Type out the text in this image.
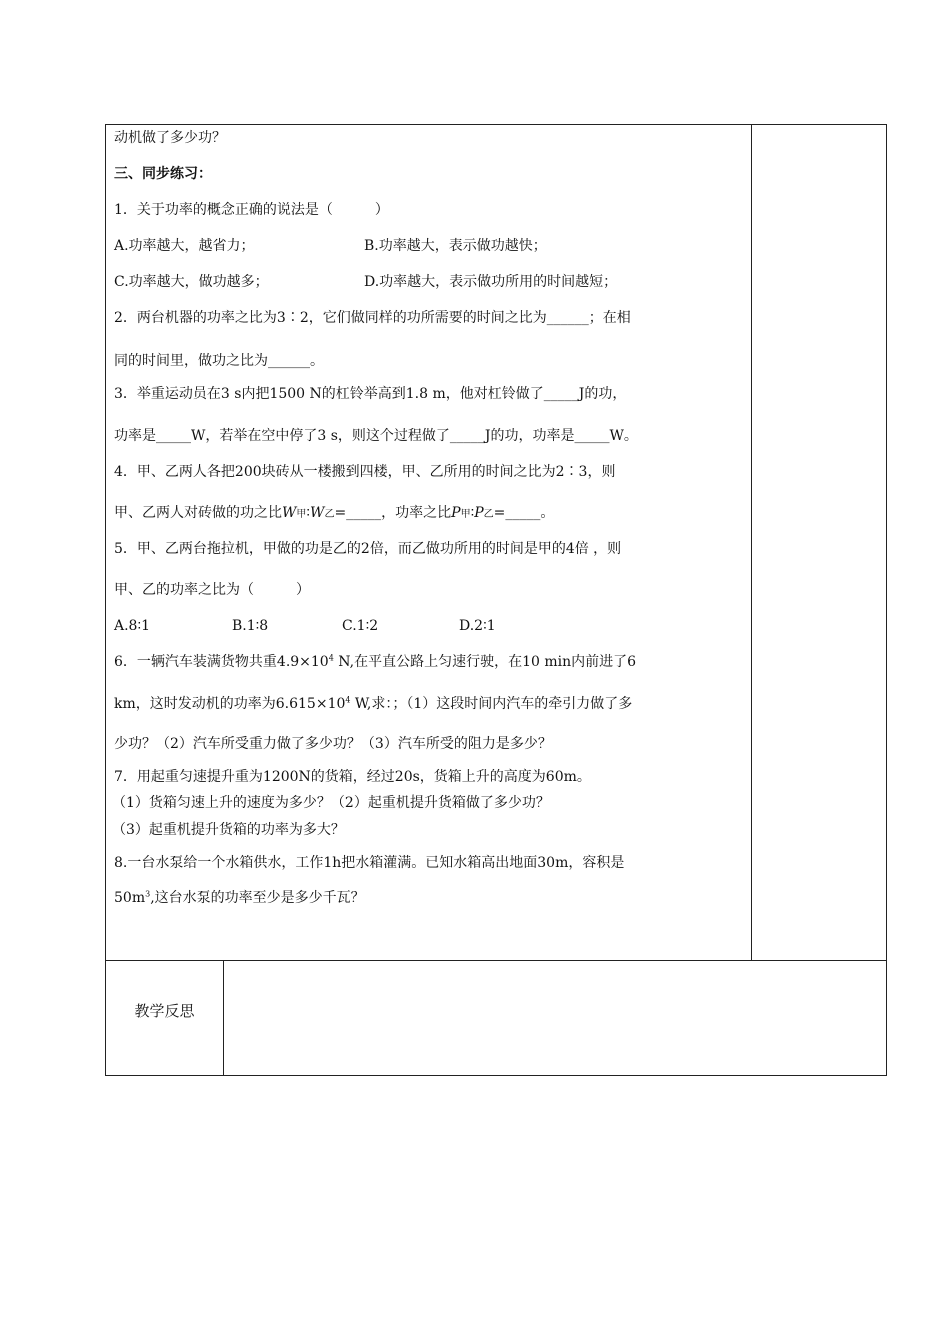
动机做了多少功？
三、同步练习：
1．关于功率的概念正确的说法是（　　　）
A.功率越大，越省力；	B.功率越大，表示做功越快；
C.功率越大，做功越多；	D.功率越大，表示做功所用的时间越短；
2．两台机器的功率之比为3∶2，它们做同样的功所需要的时间之比为______；在相
同的时间里，做功之比为______。
3．举重运动员在3 s内把1500 N的杠铃举高到1.8 m，他对杠铃做了_____J的功，
功率是_____W，若举在空中停了3 s，则这个过程做了_____J的功，功率是_____W。
4．甲、乙两人各把200块砖从一楼搬到四楼，甲、乙所用的时间之比为2∶3，则
甲、乙两人对砖做的功之比W甲∶W乙=_____，功率之比P甲∶P乙=_____。
5．甲、乙两台拖拉机，甲做的功是乙的2倍，而乙做功所用的时间是甲的4倍 ，则
甲、乙的功率之比为（　　　）
A.8∶1	B.1∶8	C.1∶2	D.2∶1
6．一辆汽车装满货物共重$4.9\times 10^4$ N,在平直公路上匀速行驶，在10 min内前进了6
km，这时发动机的功率为$6.615\times 10^4$ W,求：；（1）这段时间内汽车的牵引力做了多
少功？（2）汽车所受重力做了多少功？（3）汽车所受的阻力是多少？
7．用起重匀速提升重为1200N的货箱，经过20s，货箱上升的高度为60m。
（1）货箱匀速上升的速度为多少？（2）起重机提升货箱做了多少功？
（3）起重机提升货箱的功率为多大？
8.一台水泵给一个水箱供水，工作1h把水箱灌满。已知水箱高出地面30m，容积是
$50m^3$,这台水泵的功率至少是多少千瓦？
教学反思
